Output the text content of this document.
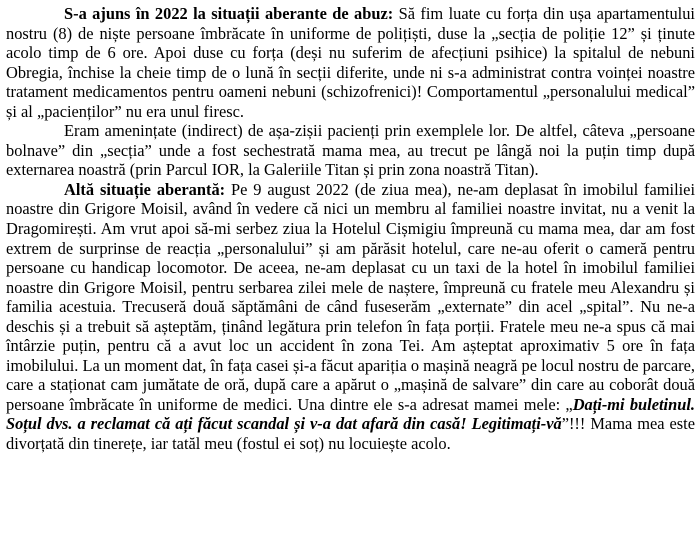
S-a ajuns în 2022 la situații aberante de abuz: Să fim luate cu forța din ușa apartamentului nostru (8) de niște persoane îmbrăcate în uniforme de polițiști, duse la „secția de poliție 12” și ținute acolo timp de 6 ore. Apoi duse cu forța (deși nu suferim de afecțiuni psihice) la spitalul de nebuni Obregia, închise la cheie timp de o lună în secții diferite, unde ni s-a administrat contra voinței noastre tratament medicamentos pentru oameni nebuni (schizofrenici)! Comportamentul „personalului medical” și al „pacienților” nu era unul firesc.

Eram amenințate (indirect) de așa-zișii pacienți prin exemplele lor. De altfel, câteva „persoane bolnave” din „secția” unde a fost sechestrată mama mea, au trecut pe lângă noi la puțin timp după externarea noastră (prin Parcul IOR, la Galeriile Titan și prin zona noastră Titan).

Altă situație aberantă: Pe 9 august 2022 (de ziua mea), ne-am deplasat în imobilul familiei noastre din Grigore Moisil, având în vedere că nici un membru al familiei noastre invitat, nu a venit la Dragomirești. Am vrut apoi să-mi serbez ziua la Hotelul Cișmigiu împreună cu mama mea, dar am fost extrem de surprinse de reacția „personalului” și am părăsit hotelul, care ne-au oferit o cameră pentru persoane cu handicap locomotor. De aceea, ne-am deplasat cu un taxi de la hotel în imobilul familiei noastre din Grigore Moisil, pentru serbarea zilei mele de naștere, împreună cu fratele meu Alexandru și familia acestuia. Trecuseră două săptămâni de când fuseserăm „externate” din acel „spital”. Nu ne-a deschis și a trebuit să așteptăm, ținând legătura prin telefon în fața porții. Fratele meu ne-a spus că mai întârzie puțin, pentru că a avut loc un accident în zona Tei. Am așteptat aproximativ 5 ore în fața imobilului. La un moment dat, în fața casei și-a făcut apariția o mașină neagră pe locul nostru de parcare, care a staționat cam jumătate de oră, după care a apărut o „mașină de salvare” din care au coborât două persoane îmbrăcate în uniforme de medici. Una dintre ele s-a adresat mamei mele: „Dați-mi buletinul. Soțul dvs. a reclamat că ați făcut scandal și v-a dat afară din casă! Legitimați-vă”!!! Mama mea este divorțată din tinerețe, iar tatăl meu (fostul ei soț) nu locuiește acolo.
